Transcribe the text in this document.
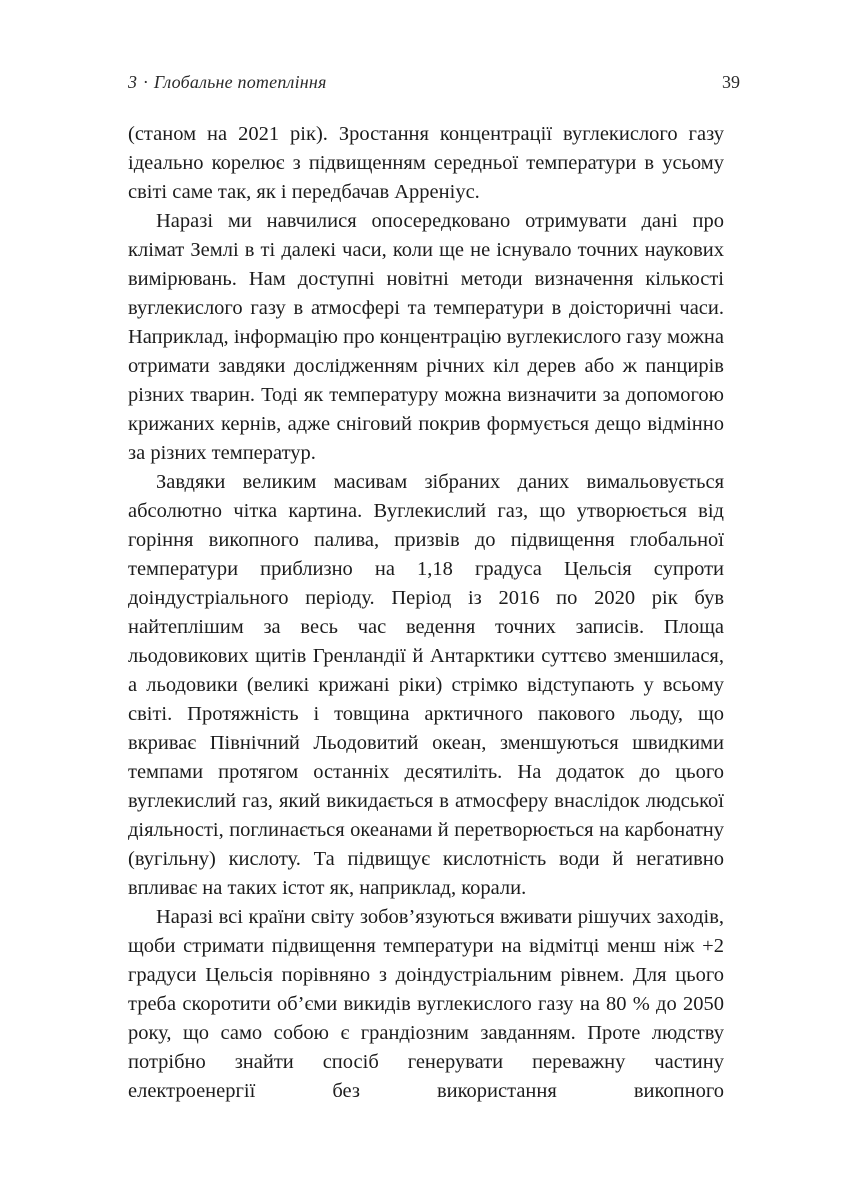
3 · Глобальне потепління	39

(станом на 2021 рік). Зростання концентрації вуглекислого газу ідеально корелює з підвищенням середньої температури в усьому світі саме так, як і передбачав Арреніус.

Наразі ми навчилися опосередковано отримувати дані про клімат Землі в ті далекі часи, коли ще не існувало точних наукових вимірювань. Нам доступні новітні методи визначення кількості вуглекислого газу в атмосфері та температури в доісторичні часи. Наприклад, інформацію про концентрацію вуглекислого газу можна отримати завдяки дослідженням річних кіл дерев або ж панцирів різних тварин. Тоді як температуру можна визначити за допомогою крижаних кернів, адже сніговий покрив формується дещо відмінно за різних температур.

Завдяки великим масивам зібраних даних вимальовується абсолютно чітка картина. Вуглекислий газ, що утворюється від горіння викопного палива, призвів до підвищення глобальної температури приблизно на 1,18 градуса Цельсія супроти доіндустріального періоду. Період із 2016 по 2020 рік був найтеплішим за весь час ведення точних записів. Площа льодовикових щитів Гренландії й Антарктики суттєво зменшилася, а льодовики (великі крижані ріки) стрімко відступають у всьому світі. Протяжність і товщина арктичного пакового льоду, що вкриває Північний Льодовитий океан, зменшуються швидкими темпами протягом останніх десятиліть. На додаток до цього вуглекислий газ, який викидається в атмосферу внаслідок людської діяльності, поглинається океанами й перетворюється на карбонатну (вугільну) кислоту. Та підвищує кислотність води й негативно впливає на таких істот як, наприклад, корали.

Наразі всі країни світу зобов’язуються вживати рішучих заходів, щоби стримати підвищення температури на відмітці менш ніж +2 градуси Цельсія порівняно з доіндустріальним рівнем. Для цього треба скоротити об’єми викидів вуглекислого газу на 80 % до 2050 року, що само собою є грандіозним завданням. Проте людству потрібно знайти спосіб генерувати переважну частину електроенергії без використання викопного
